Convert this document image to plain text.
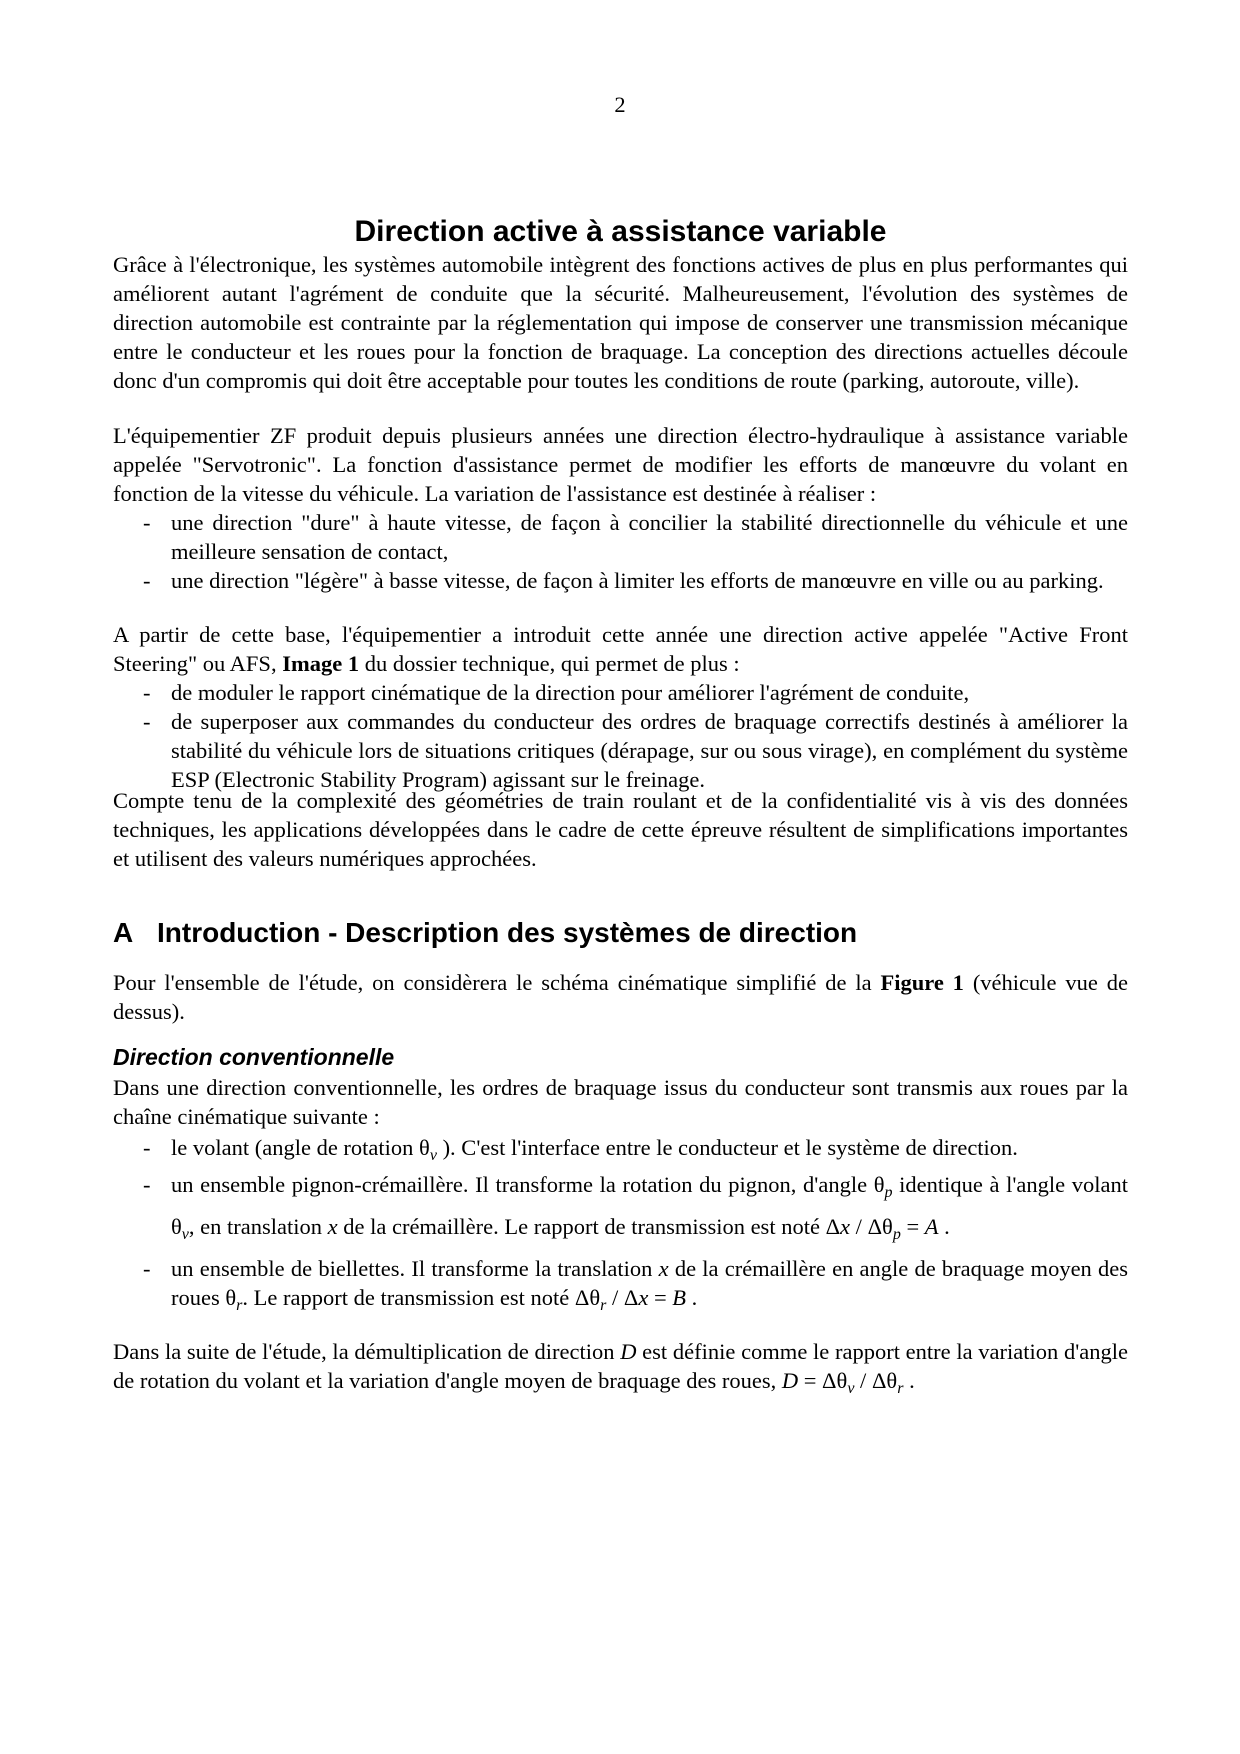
2
Direction active à assistance variable

Grâce à l'électronique, les systèmes automobile intègrent des fonctions actives de plus en plus performantes qui améliorent autant l'agrément de conduite que la sécurité. Malheureusement, l'évolution des systèmes de direction automobile est contrainte par la réglementation qui impose de conserver une transmission mécanique entre le conducteur et les roues pour la fonction de braquage. La conception des directions actuelles découle donc d'un compromis qui doit être acceptable pour toutes les conditions de route (parking, autoroute, ville).

L'équipementier ZF produit depuis plusieurs années une direction électro-hydraulique à assistance variable appelée "Servotronic". La fonction d'assistance permet de modifier les efforts de manœuvre du volant en fonction de la vitesse du véhicule. La variation de l'assistance est destinée à réaliser :

- une direction "dure" à haute vitesse, de façon à concilier la stabilité directionnelle du véhicule et une meilleure sensation de contact,
- une direction "légère" à basse vitesse, de façon à limiter les efforts de manœuvre en ville ou au parking.

A partir de cette base, l'équipementier a introduit cette année une direction active appelée "Active Front Steering" ou AFS, Image 1 du dossier technique, qui permet de plus :

- de moduler le rapport cinématique de la direction pour améliorer l'agrément de conduite,
- de superposer aux commandes du conducteur des ordres de braquage correctifs destinés à améliorer la stabilité du véhicule lors de situations critiques (dérapage, sur ou sous virage), en complément du système ESP (Electronic Stability Program) agissant sur le freinage.

Compte tenu de la complexité des géométries de train roulant et de la confidentialité vis à vis des données techniques, les applications développées dans le cadre de cette épreuve résultent de simplifications importantes et utilisent des valeurs numériques approchées.

A Introduction - Description des systèmes de direction

Pour l'ensemble de l'étude, on considèrera le schéma cinématique simplifié de la Figure 1 (véhicule vue de dessus).

Direction conventionnelle

Dans une direction conventionnelle, les ordres de braquage issus du conducteur sont transmis aux roues par la chaîne cinématique suivante :

- le volant (angle de rotation $\theta_v$ ). C'est l'interface entre le conducteur et le système de direction.
- un ensemble pignon-crémaillère. Il transforme la rotation du pignon, d'angle $\theta_p$ identique à l'angle volant $\theta_v$, en translation x de la crémaillère. Le rapport de transmission est noté $\Delta x / \Delta\theta_p = A$ .
- un ensemble de biellettes. Il transforme la translation x de la crémaillère en angle de braquage moyen des roues $\theta_r$. Le rapport de transmission est noté $\Delta\theta_r / \Delta x = B$ .

Dans la suite de l'étude, la démultiplication de direction D est définie comme le rapport entre la variation d'angle de rotation du volant et la variation d'angle moyen de braquage des roues, $D = \Delta\theta_v / \Delta\theta_r$ .
